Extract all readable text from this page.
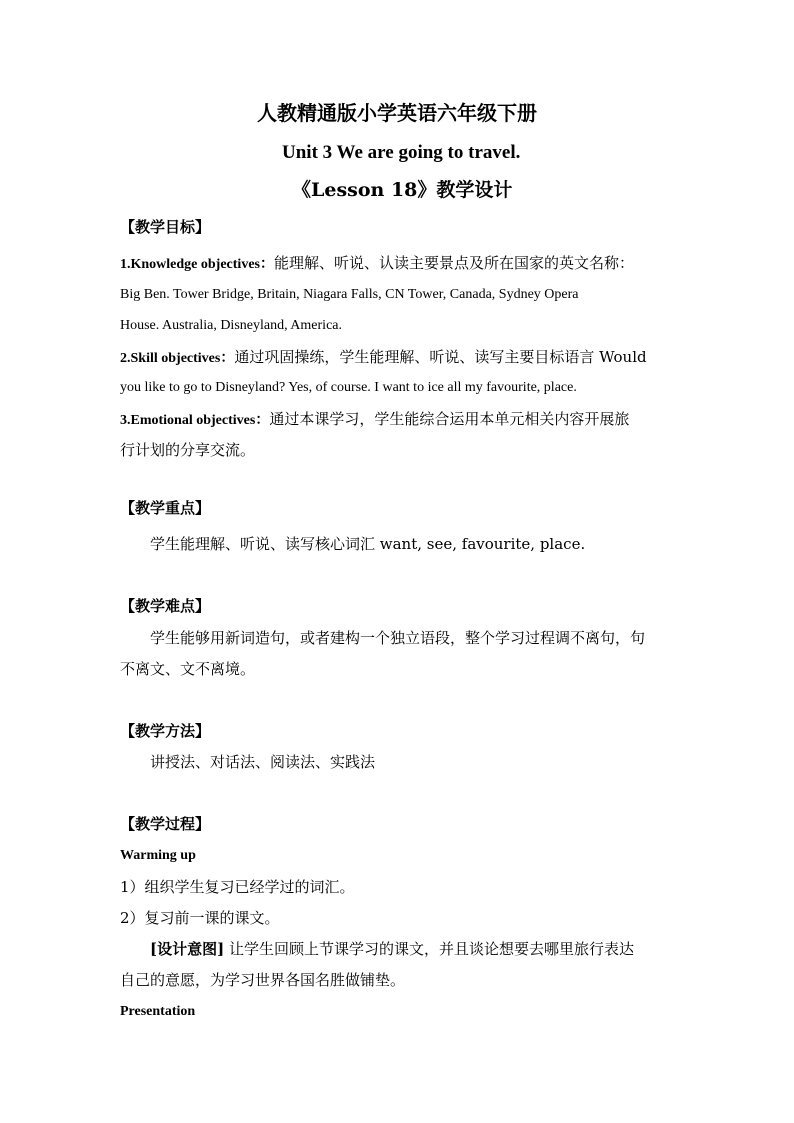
人教精通版小学英语六年级下册
Unit 3 We are going to travel.
《Lesson 18》教学设计
【教学目标】
1.Knowledge objectives：能理解、听说、认读主要景点及所在国家的英文名称：
Big Ben. Tower Bridge, Britain, Niagara Falls, CN Tower, Canada, Sydney Opera
House. Australia, Disneyland, America.
2.Skill objectives：通过巩固操练，学生能理解、听说、读写主要目标语言 Would
you like to go to Disneyland? Yes, of course. I want to ice all my favourite, place.
3.Emotional objectives：通过本课学习，学生能综合运用本单元相关内容开展旅
行计划的分享交流。
【教学重点】
学生能理解、听说、读写核心词汇 want, see, favourite, place.
【教学难点】
学生能够用新词造句，或者建构一个独立语段，整个学习过程调不离句，句
不离文、文不离境。
【教学方法】
讲授法、对话法、阅读法、实践法
【教学过程】
Warming up
1）组织学生复习已经学过的词汇。
2）复习前一课的课文。
[设计意图] 让学生回顾上节课学习的课文，并且谈论想要去哪里旅行表达
自己的意愿，为学习世界各国名胜做铺垫。
Presentation
